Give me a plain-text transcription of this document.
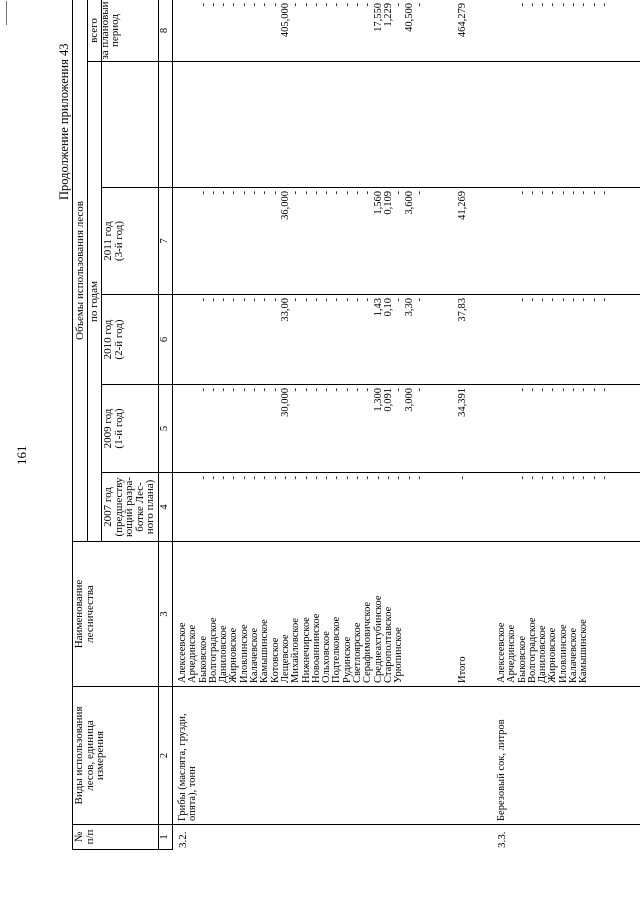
161
Продолжение приложения 43
№
п/п
Виды использования
лесов, единица
измерения
Наименование
лесничества
Объемы использования лесов по годам
2007 год
(предшеству
ющий разра-
ботке Лес-
ного плана)
2009 год
(1-й год)
2010 год
(2-й год)
2011 год
(3-й год)
всего
за плановый
период
1
2
3
4
5
6
7
8
3.2.
Грибы (маслята, грузди, опята), тонн
Алексеевское Арчединское Быковское Волгоградское Даниловское Жирновское Иловлинское Калачевское Камышинское Котовское Лещевское Михайловское Нижнечирское Новоаннинское Ольховское Подтелковское Рудинское Светлоярское Серафимовичское Среднеахтубинское Старополтавское Урюпинское

- - - - - - - - - - - - - - - - - - - - - -

- - - - - - - - 30,000 - - - - - - - - 1,300 0,091 - 3,000 -

- - - - - - - - 33,00 - - - - - - - - 1,43 0,10 - 3,30 -

- - - - - - - - 36,000 - - - - - - - - 1,560 0,109 - 3,600 -

- - - - - - - - 405,000 - - - - - - - - 17,550 1,229 - 40,500 -

Итого
-
34,391
37,83
41,269
464,279
3.3.
Березовый сок, литров
Алексеевское Арчединское Быковское Волгоградское Даниловское Жирновское Иловлинское Калачевское Камышинское

- - - - - - - - -

- - - - - - - - -

- - - - - - - - -

- - - - - - - - -

- - - - - - - - -
